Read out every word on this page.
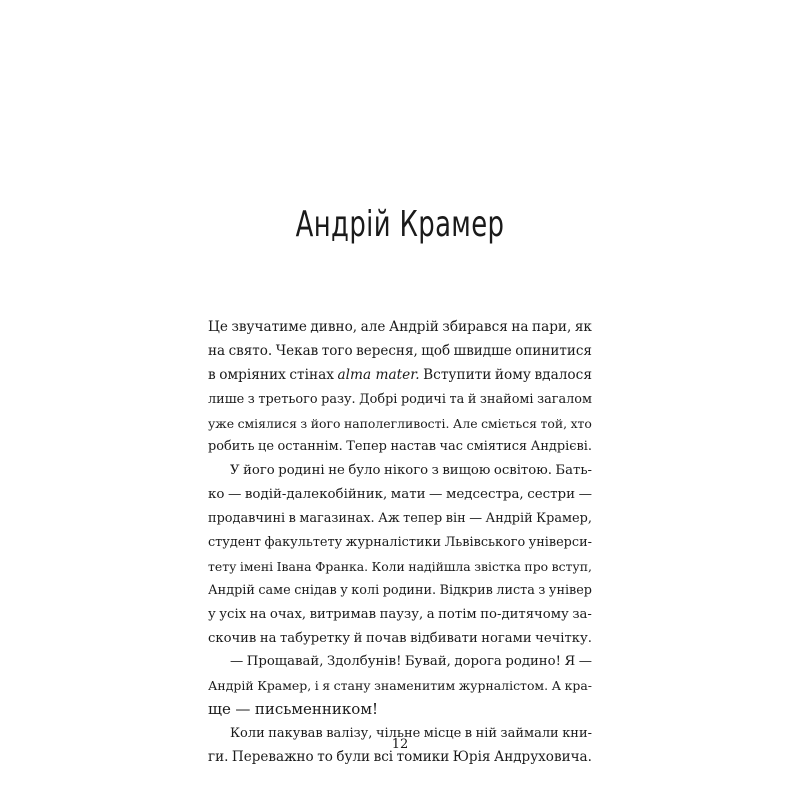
Андрій Крамер
Це звучатиме дивно, але Андрій збирався на пари, як
на свято. Чекав того вересня, щоб швидше опинитися
в омріяних стінах alma mater. Вступити йому вдалося
лише з третього разу. Добрі родичі та й знайомі загалом
уже сміялися з його наполегливості. Але сміється той, хто
робить це останнім. Тепер настав час сміятися Андрієві.
У його родині не було нікого з вищою освітою. Бать-
ко — водій-далекобійник, мати — медсестра, сестри —
продавчині в магазинах. Аж тепер він — Андрій Крамер,
студент факультету журналістики Львівського універси-
тету імені Івана Франка. Коли надійшла звістка про вступ,
Андрій саме снідав у колі родини. Відкрив листа з універ
у усіх на очах, витримав паузу, а потім по-дитячому за-
скочив на табуретку й почав відбивати ногами чечітку.
— Прощавай, Здолбунів! Бувай, дорога родино! Я —
Андрій Крамер, і я стану знаменитим журналістом. А кра-
ще — письменником!
Коли пакував валізу, чільне місце в ній займали кни-
ги. Переважно то були всі томики Юрія Андруховича.
12
